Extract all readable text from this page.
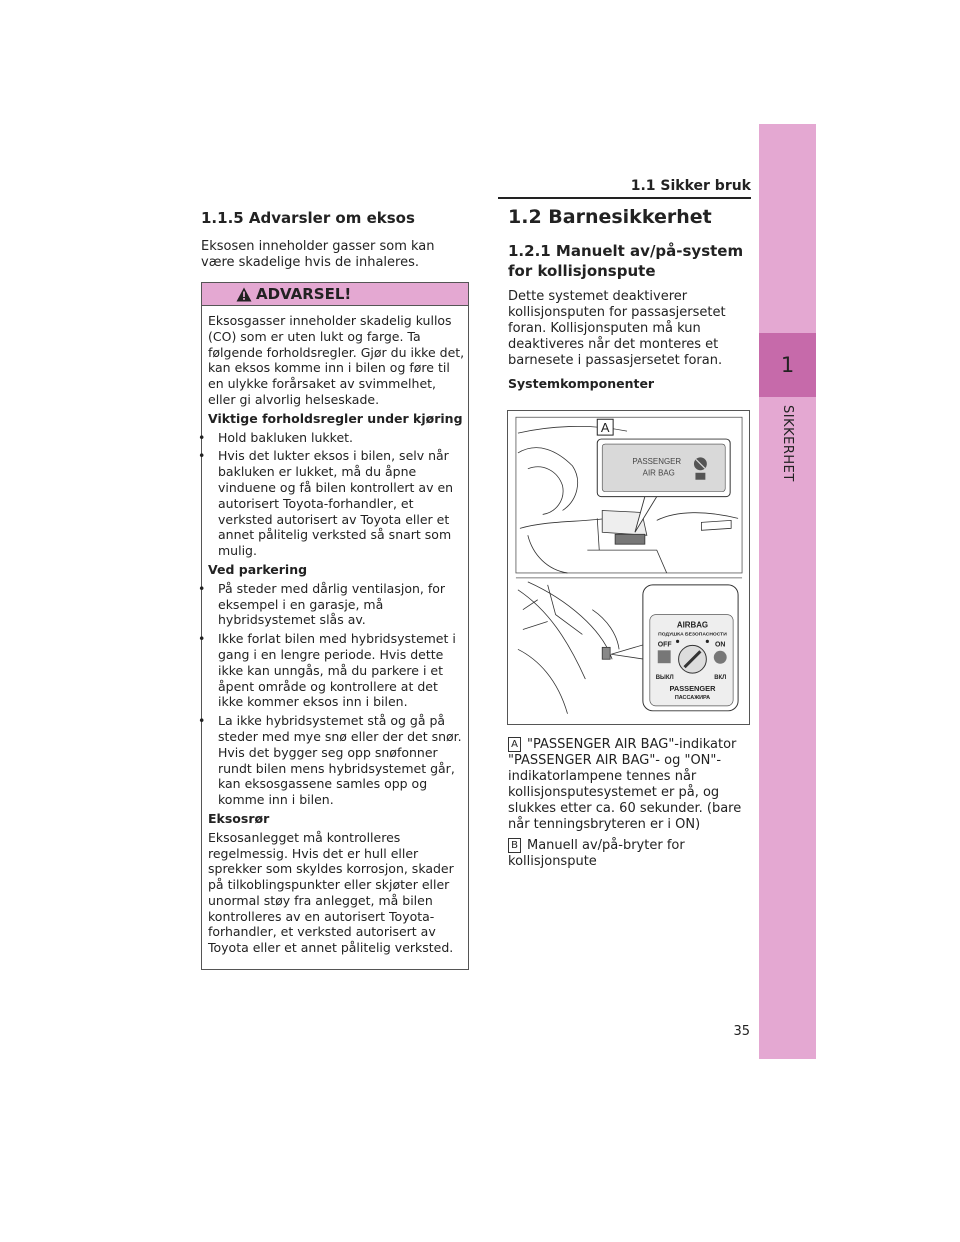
1
SIKKERHET
1.1 Sikker bruk
1.1.5 Advarsler om eksos
Eksosen inneholder gasser som kan være skadelige hvis de inhaleres.
ADVARSEL!

Eksosgasser inneholder skadelig kullos (CO) som er uten lukt og farge. Ta følgende forholdsregler. Gjør du ikke det, kan eksos komme inn i bilen og føre til en ulykke forårsaket av svimmelhet, eller gi alvorlig helseskade.

Viktige forholdsregler under kjøring

• Hold bakluken lukket.

• Hvis det lukter eksos i bilen, selv når bakluken er lukket, må du åpne vinduene og få bilen kontrollert av en autorisert Toyota-forhandler, et verksted autorisert av Toyota eller et annet pålitelig verksted så snart som mulig.

Ved parkering

• På steder med dårlig ventilasjon, for eksempel i en garasje, må hybridsystemet slås av.

• Ikke forlat bilen med hybridsystemet i gang i en lengre periode. Hvis dette ikke kan unngås, må du parkere i et åpent område og kontrollere at det ikke kommer eksos inn i bilen.

• La ikke hybridsystemet stå og gå på steder med mye snø eller der det snør. Hvis det bygger seg opp snøfonner rundt bilen mens hybridsystemet går, kan eksosgassene samles opp og komme inn i bilen.

Eksosrør

Eksosanlegget må kontrolleres regelmessig. Hvis det er hull eller sprekker som skyldes korrosjon, skader på tilkoblingspunkter eller skjøter eller unormal støy fra anlegget, må bilen kontrolleres av en autorisert Toyota-forhandler, et verksted autorisert av Toyota eller et annet pålitelig verksted.

1.2 Barnesikkerhet
1.2.1 Manuelt av/på-system for kollisjonspute
Dette systemet deaktiverer kollisjonsputen for passasjersetet foran. Kollisjonsputen må kun deaktiveres når det monteres et barnesete i passasjersetet foran.
Systemkomponenter
A
PASSENGER
AIR BAG
AIRBAG
ПОДУШКА БЕЗОПАСНОСТИ
OFF	ON
ВЫКЛ	ВКЛ
PASSENGER
ПАССАЖИРА
A "PASSENGER AIR BAG"-indikator "PASSENGER AIR BAG"- og "ON"-indikatorlampene tennes når kollisjonsputesystemet er på, og slukkes etter ca. 60 sekunder. (bare når tenningsbryteren er i ON)
B Manuell av/på-bryter for kollisjonspute
35
